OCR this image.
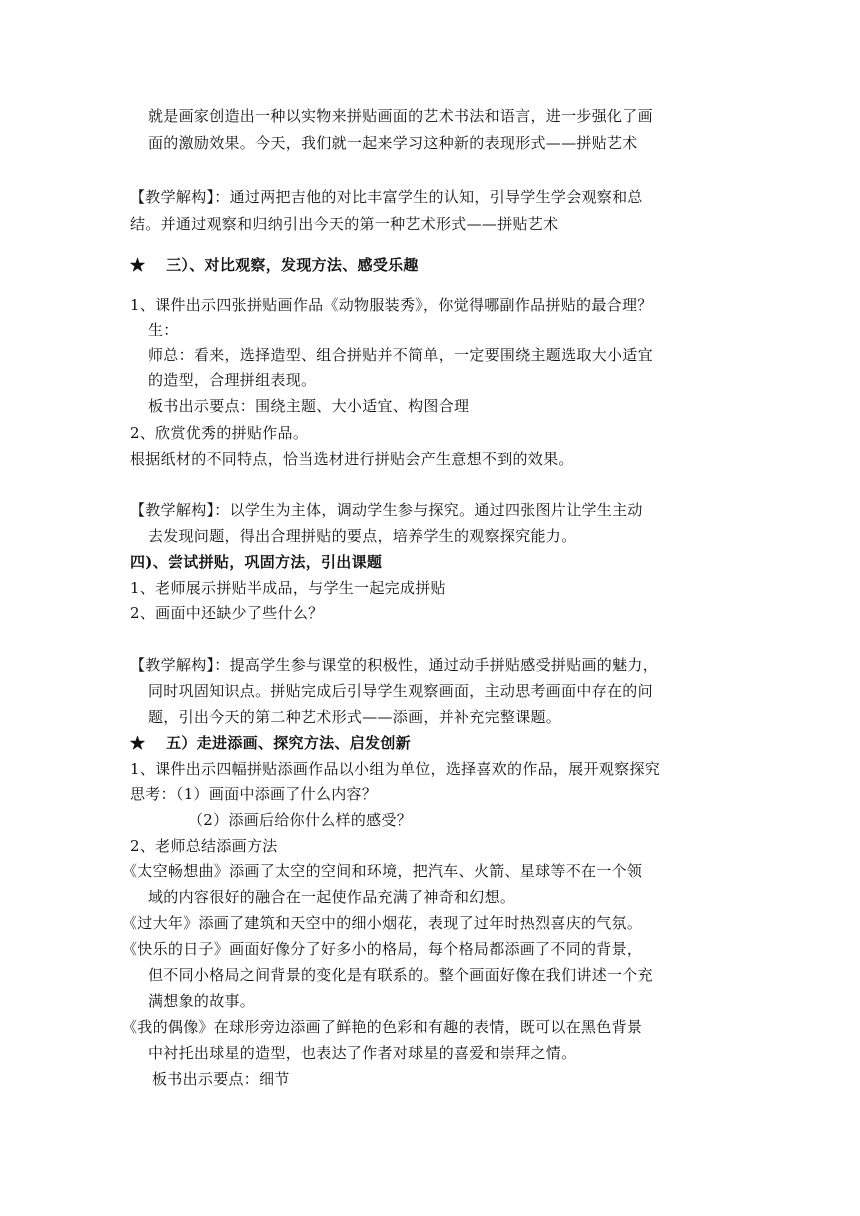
就是画家创造出一种以实物来拼贴画面的艺术书法和语言，进一步强化了画
面的激励效果。今天，我们就一起来学习这种新的表现形式——拼贴艺术
【教学解构】：通过两把吉他的对比丰富学生的认知，引导学生学会观察和总
结。并通过观察和归纳引出今天的第一种艺术形式——拼贴艺术
★　 三）、对比观察，发现方法、感受乐趣
1、课件出示四张拼贴画作品《动物服装秀》，你觉得哪副作品拼贴的最合理？
生：
师总：看来，选择造型、组合拼贴并不简单，一定要围绕主题选取大小适宜
的造型，合理拼组表现。
板书出示要点：围绕主题、大小适宜、构图合理
2、欣赏优秀的拼贴作品。
根据纸材的不同特点，恰当选材进行拼贴会产生意想不到的效果。
【教学解构】：以学生为主体，调动学生参与探究。通过四张图片让学生主动
去发现问题，得出合理拼贴的要点，培养学生的观察探究能力。
四)、尝试拼贴，巩固方法，引出课题
1、老师展示拼贴半成品，与学生一起完成拼贴
2、画面中还缺少了些什么？
【教学解构】：提高学生参与课堂的积极性，通过动手拼贴感受拼贴画的魅力，
同时巩固知识点。拼贴完成后引导学生观察画面，主动思考画面中存在的问
题，引出今天的第二种艺术形式——添画，并补充完整课题。
★　 五）走进添画、探究方法、启发创新
1、课件出示四幅拼贴添画作品以小组为单位，选择喜欢的作品，展开观察探究
思考：（1）画面中添画了什么内容？
（2）添画后给你什么样的感受？
2、老师总结添画方法
《太空畅想曲》添画了太空的空间和环境，把汽车、火箭、星球等不在一个领
域的内容很好的融合在一起使作品充满了神奇和幻想。
《过大年》添画了建筑和天空中的细小烟花，表现了过年时热烈喜庆的气氛。
《快乐的日子》画面好像分了好多小的格局，每个格局都添画了不同的背景，
但不同小格局之间背景的变化是有联系的。整个画面好像在我们讲述一个充
满想象的故事。
《我的偶像》在球形旁边添画了鲜艳的色彩和有趣的表情，既可以在黑色背景
中衬托出球星的造型，也表达了作者对球星的喜爱和崇拜之情。
板书出示要点：细节
